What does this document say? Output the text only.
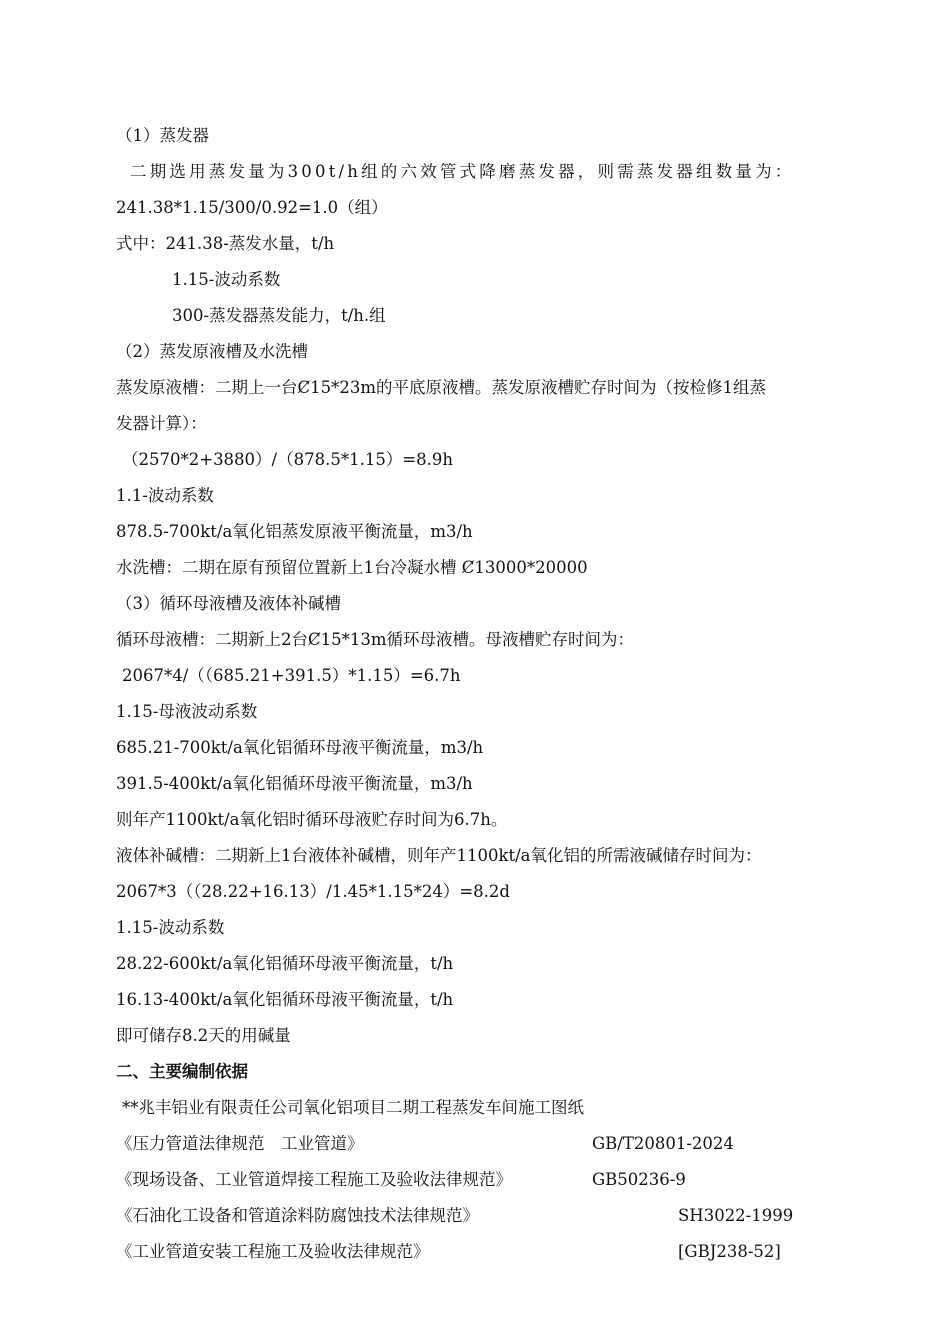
（1）蒸发器
二期选用蒸发量为300t/h组的六效管式降磨蒸发器，则需蒸发器组数量为：
241.38*1.15/300/0.92=1.0（组）
式中：241.38-蒸发水量，t/h
1.15-波动系数
300-蒸发器蒸发能力，t/h.组
（2）蒸发原液槽及水洗槽
蒸发原液槽：二期上一台Ȼ15*23m的平底原液槽。蒸发原液槽贮存时间为（按检修1组蒸
发器计算）：
（2570*2+3880）/（878.5*1.15）=8.9h
1.1-波动系数
878.5-700kt/a氧化铝蒸发原液平衡流量，m3/h
水洗槽：二期在原有预留位置新上1台冷凝水槽 Ȼ13000*20000
（3）循环母液槽及液体补碱槽
循环母液槽：二期新上2台Ȼ15*13m循环母液槽。母液槽贮存时间为：
2067*4/（（685.21+391.5）*1.15）=6.7h
1.15-母液波动系数
685.21-700kt/a氧化铝循环母液平衡流量，m3/h
391.5-400kt/a氧化铝循环母液平衡流量，m3/h
则年产1100kt/a氧化铝时循环母液贮存时间为6.7h。
液体补碱槽：二期新上1台液体补碱槽，则年产1100kt/a氧化铝的所需液碱储存时间为：
2067*3（（28.22+16.13）/1.45*1.15*24）=8.2d
1.15-波动系数
28.22-600kt/a氧化铝循环母液平衡流量，t/h
16.13-400kt/a氧化铝循环母液平衡流量，t/h
即可储存8.2天的用碱量
二、主要编制依据
**兆丰铝业有限责任公司氧化铝项目二期工程蒸发车间施工图纸
《压力管道法律规范　工业管道》	GB/T20801-2024
《现场设备、工业管道焊接工程施工及验收法律规范》	GB50236-9
《石油化工设备和管道涂料防腐蚀技术法律规范》	SH3022-1999
《工业管道安装工程施工及验收法律规范》	[GBJ238-52]
